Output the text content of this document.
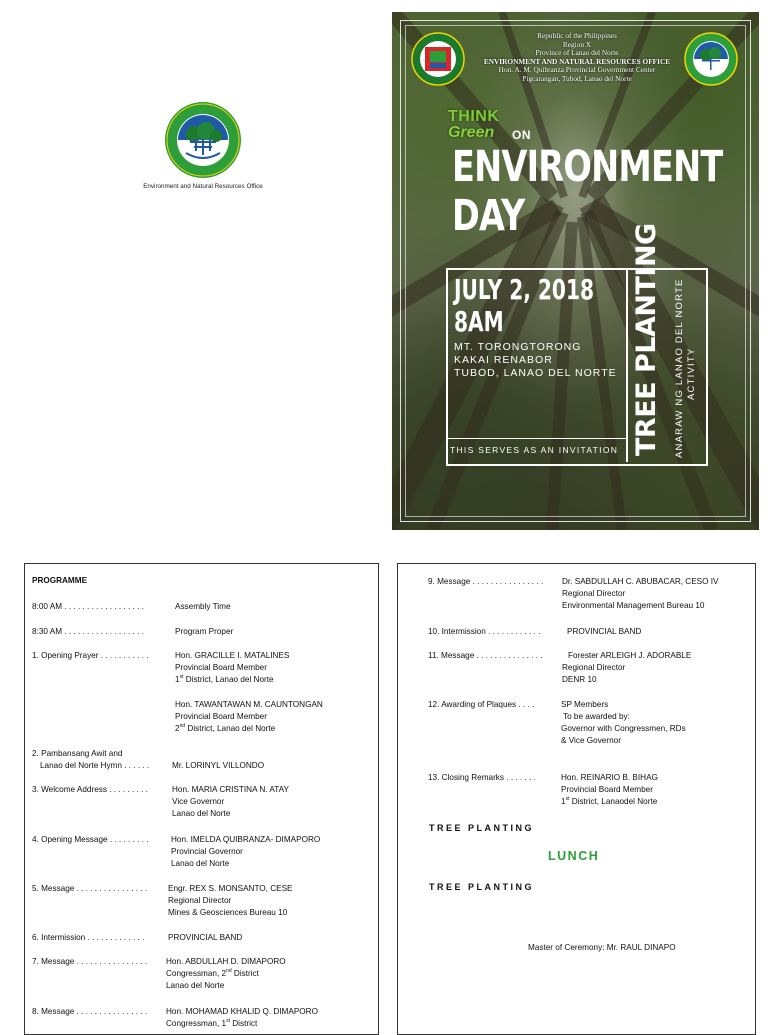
Environment and Natural Resources Office
Republic of the Philippines
Region X
Province of Lanao del Norte
ENVIRONMENT AND NATURAL RESOURCES OFFICE
Hon. A. M. Quibranza Provincial Government Center
Pigcarangan, Tubod, Lanao del Norte
THINK
Green ON
ENVIRONMENT
DAY
JULY 2, 2018
8AM
MT. TORONGTORONG
KAKAI RENABOR
TUBOD, LANAO DEL NORTE
THIS SERVES AS AN INVITATION TREE PLANTING ANARAW NG LANAO DEL NORTE ACTIVITY
PROGRAMME
8:00 AM . . . . . . . . . . . . . . . . . .	Assembly Time
8:30 AM . . . . . . . . . . . . . . . . . .	Program Proper
1. Opening Prayer . . . . . . . . . . .	Hon. GRACILLE I. MATALINES
Provincial Board Member
1st District, Lanao del Norte
Hon. TAWANTAWAN M. CAUNTONGAN
Provincial Board Member
2nd District, Lanao del Norte
2. Pambansang Awit and
Lanao del Norte Hymn . . . . . .	Mr. LORINYL VILLONDO
3. Welcome Address . . . . . . . . .	Hon. MARIA CRISTINA N. ATAY
Vice Governor
Lanao del Norte
4. Opening Message . . . . . . . . .	Hon. IMELDA QUIBRANZA- DIMAPORO
Provincial Governor
Lanao del Norte
5. Message . . . . . . . . . . . . . . . .	Engr. REX S. MONSANTO, CESE
Regional Director
Mines & Geosciences Bureau 10
6. Intermission . . . . . . . . . . . . .	PROVINCIAL BAND
7. Message . . . . . . . . . . . . . . . . Hon. ABDULLAH D. DIMAPORO
Congressman, 2nd District
Lanao del Norte
8. Message . . . . . . . . . . . . . . . . Hon. MOHAMAD KHALID Q. DIMAPORO
Congressman, 1st District
9. Message . . . . . . . . . . . . . . . . Dr. SABDULLAH C. ABUBACAR, CESO IV
Regional Director
Environmental Management Bureau 10
10. Intermission . . . . . . . . . . . .	PROVINCIAL BAND
11. Message . . . . . . . . . . . . . . .	Forester ARLEIGH J. ADORABLE
Regional Director
DENR 10
12. Awarding of Plaques . . . .	SP Members
To be awarded by:
Governor with Congressmen, RDs
& Vice Governor
13. Closing Remarks . . . . . . .	Hon. REINARIO B. BIHAG
Provincial Board Member
1st District, Lanaodel Norte
TREE PLANTING
LUNCH
TREE PLANTING
Master of Ceremony: Mr. RAUL DINAPO
